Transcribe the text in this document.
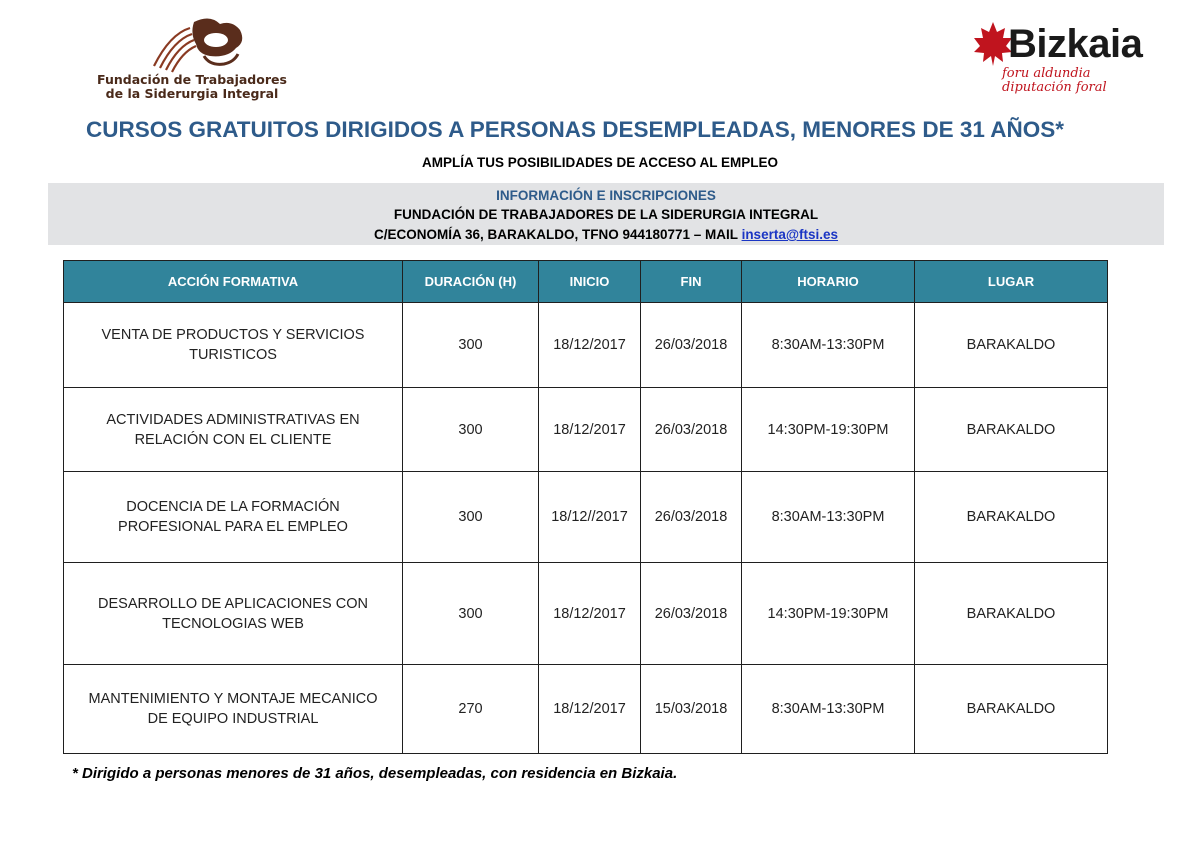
Fundación de Trabajadores
de la Siderurgia Integral
Bizkaia
foru aldundia
diputación foral
CURSOS GRATUITOS DIRIGIDOS A PERSONAS DESEMPLEADAS, MENORES DE 31 AÑOS*
AMPLÍA TUS POSIBILIDADES DE ACCESO AL EMPLEO
INFORMACIÓN E INSCRIPCIONES
FUNDACIÓN DE TRABAJADORES DE LA SIDERURGIA INTEGRAL
C/ECONOMÍA 36, BARAKALDO, TFNO 944180771 – MAIL inserta@ftsi.es
ACCIÓN FORMATIVA	DURACIÓN (H)	INICIO	FIN	HORARIO	LUGAR
VENTA DE PRODUCTOS Y SERVICIOS TURISTICOS	300	18/12/2017	26/03/2018	8:30AM-13:30PM	BARAKALDO
ACTIVIDADES ADMINISTRATIVAS EN RELACIÓN CON EL CLIENTE	300	18/12/2017	26/03/2018	14:30PM-19:30PM	BARAKALDO
DOCENCIA DE LA FORMACIÓN PROFESIONAL PARA EL EMPLEO	300	18/12//2017	26/03/2018	8:30AM-13:30PM	BARAKALDO
DESARROLLO DE APLICACIONES CON TECNOLOGIAS WEB	300	18/12/2017	26/03/2018	14:30PM-19:30PM	BARAKALDO
MANTENIMIENTO Y MONTAJE MECANICO DE EQUIPO INDUSTRIAL	270	18/12/2017	15/03/2018	8:30AM-13:30PM	BARAKALDO
* Dirigido a personas menores de 31 años, desempleadas, con residencia en Bizkaia.
